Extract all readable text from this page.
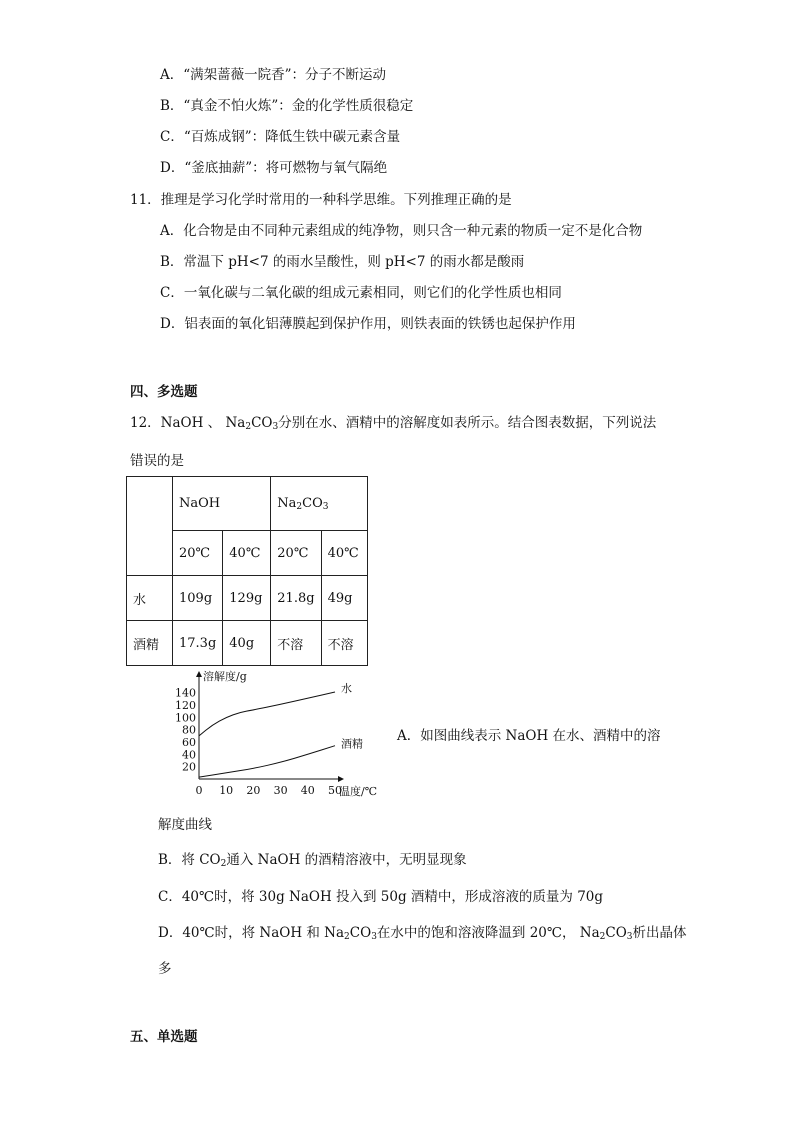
A．“满架蔷薇一院香”：分子不断运动
B．“真金不怕火炼”：金的化学性质很稳定
C．“百炼成钢”：降低生铁中碳元素含量
D．“釜底抽薪”：将可燃物与氧气隔绝
11．推理是学习化学时常用的一种科学思维。下列推理正确的是
A．化合物是由不同种元素组成的纯净物，则只含一种元素的物质一定不是化合物
B．常温下 pH<7 的雨水呈酸性，则 pH<7 的雨水都是酸雨
C．一氧化碳与二氧化碳的组成元素相同，则它们的化学性质也相同
D．铝表面的氧化铝薄膜起到保护作用，则铁表面的铁锈也起保护作用
四、多选题
12．NaOH 、 $Na_2CO_3$分别在水、酒精中的溶解度如表所示。结合图表数据，下列说法
错误的是
	NaOH		$Na_2CO_3$
	20℃	40℃	20℃	40℃
水	109g	129g	21.8g	49g
酒精	17.3g	40g	不溶	不溶
溶解度/g
温度/℃
0 10 20 30 40 50
20
40
60
80
100
120
140	水
酒精
A．如图曲线表示 NaOH 在水、酒精中的溶
解度曲线
B．将 $CO_2$通入 NaOH 的酒精溶液中，无明显现象
C．40℃时，将 30g NaOH 投入到 50g 酒精中，形成溶液的质量为 70g
D．40℃时，将 NaOH 和 $Na_2CO_3$在水中的饱和溶液降温到 20℃， $Na_2CO_3$析出晶体
多
五、单选题
